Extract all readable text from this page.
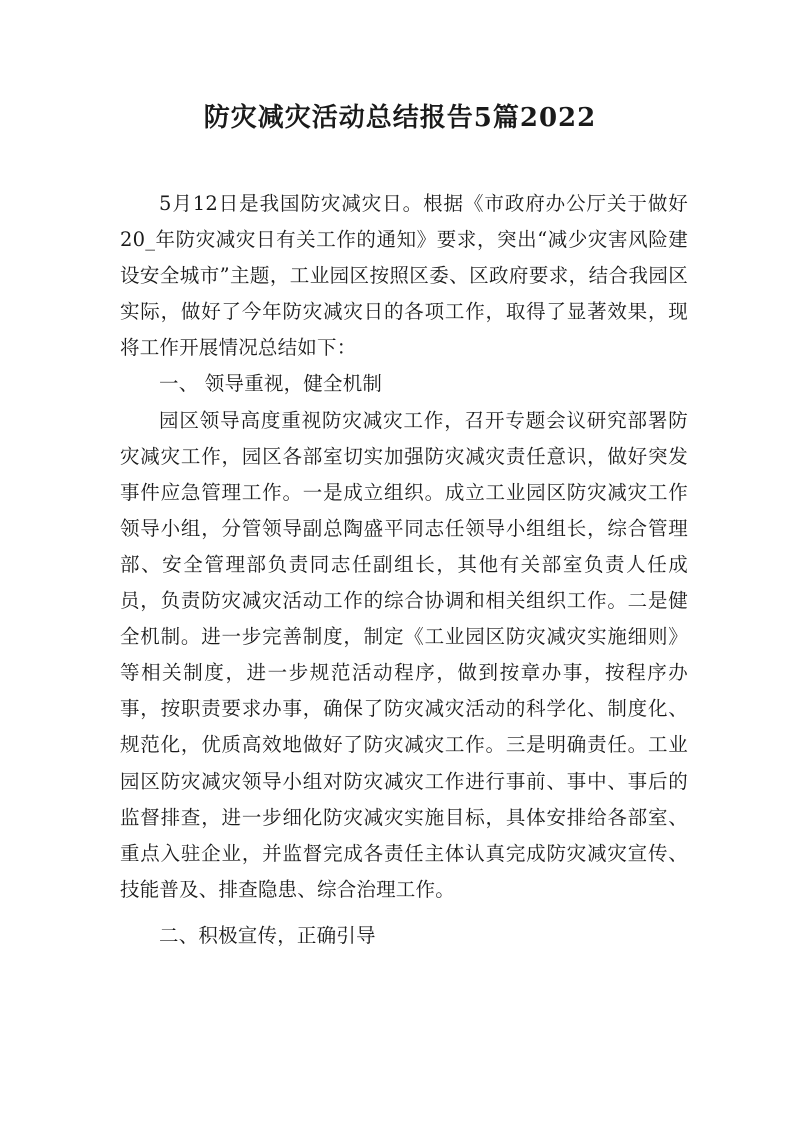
防灾减灾活动总结报告5篇2022

5月12日是我国防灾减灾日。根据《市政府办公厅关于做好20_年防灾减灾日有关工作的通知》要求，突出“减少灾害风险建设安全城市”主题，工业园区按照区委、区政府要求，结合我园区实际，做好了今年防灾减灾日的各项工作，取得了显著效果，现将工作开展情况总结如下：

一、 领导重视，健全机制

园区领导高度重视防灾减灾工作，召开专题会议研究部署防灾减灾工作，园区各部室切实加强防灾减灾责任意识，做好突发事件应急管理工作。一是成立组织。成立工业园区防灾减灾工作领导小组，分管领导副总陶盛平同志任领导小组组长，综合管理部、安全管理部负责同志任副组长，其他有关部室负责人任成员，负责防灾减灾活动工作的综合协调和相关组织工作。二是健全机制。进一步完善制度，制定《工业园区防灾减灾实施细则》等相关制度，进一步规范活动程序，做到按章办事，按程序办事，按职责要求办事，确保了防灾减灾活动的科学化、制度化、规范化，优质高效地做好了防灾减灾工作。三是明确责任。工业园区防灾减灾领导小组对防灾减灾工作进行事前、事中、事后的监督排查，进一步细化防灾减灾实施目标，具体安排给各部室、重点入驻企业，并监督完成各责任主体认真完成防灾减灾宣传、技能普及、排查隐患、综合治理工作。

二、积极宣传，正确引导
